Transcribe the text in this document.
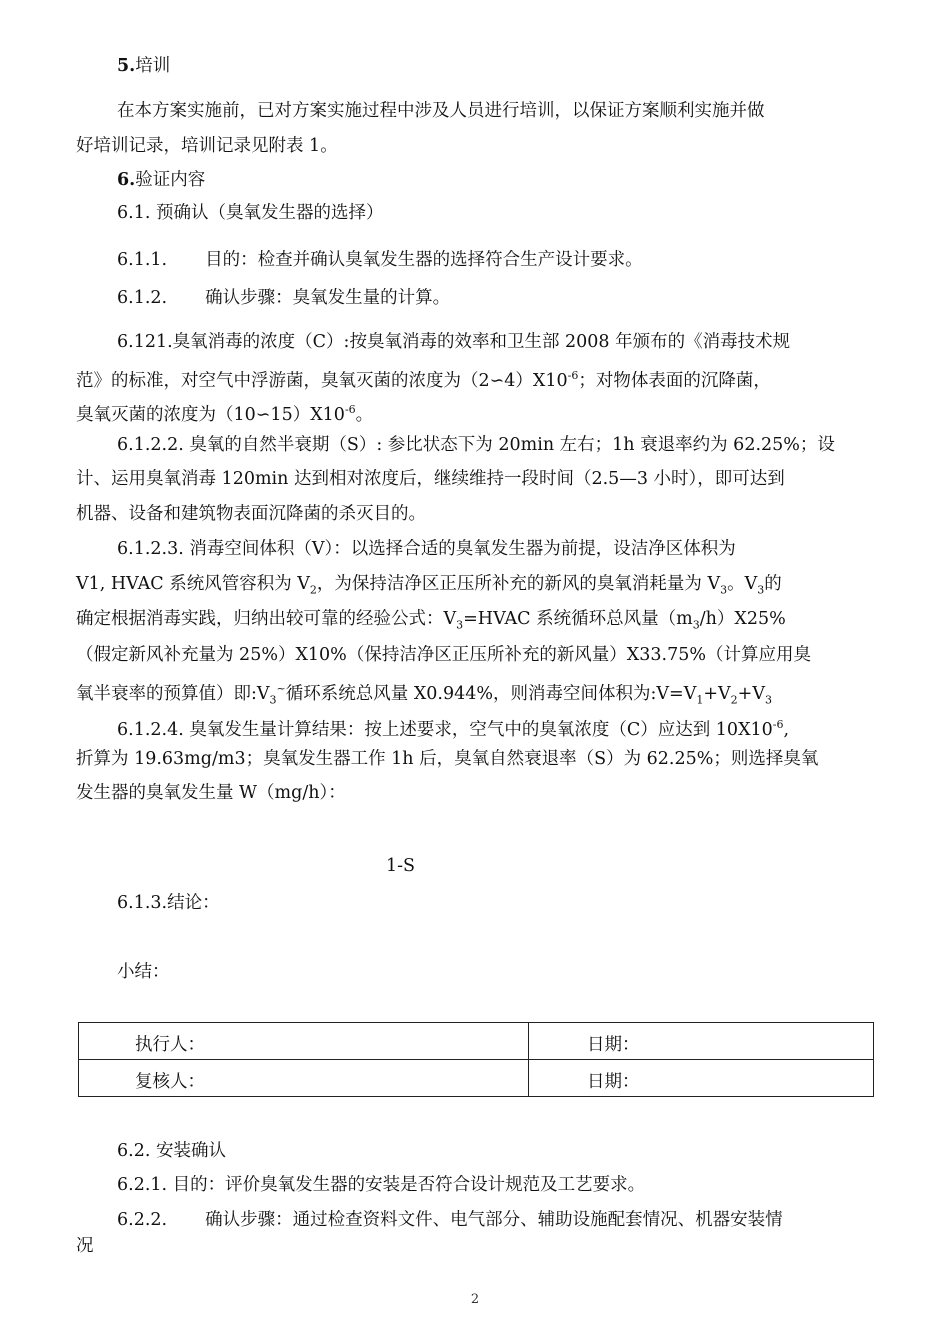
5.培训
在本方案实施前，已对方案实施过程中涉及人员进行培训，以保证方案顺利实施并做
好培训记录，培训记录见附表 1。
6.验证内容
6.1. 预确认（臭氧发生器的选择）
6.1.1. 目的：检查并确认臭氧发生器的选择符合生产设计要求。
6.1.2. 确认步骤：臭氧发生量的计算。
6.121.臭氧消毒的浓度（C）:按臭氧消毒的效率和卫生部 2008 年颁布的《消毒技术规
范》的标准，对空气中浮游菌，臭氧灭菌的浓度为$(2∽4)X10^{-6}$；对物体表面的沉降菌，
臭氧灭菌的浓度为$(10∽15)X10^{-6}$。
6.1.2.2. 臭氧的自然半衰期（S）: 参比状态下为 20min 左右；1h 衰退率约为 62.25%；设
计、运用臭氧消毒 120min 达到相对浓度后，继续维持一段时间（2.5—3 小时），即可达到
机器、设备和建筑物表面沉降菌的杀灭目的。
6.1.2.3. 消毒空间体积（V）：以选择合适的臭氧发生器为前提，设洁净区体积为
V1, HVAC 系统风管容积为 $V_2$，为保持洁净区正压所补充的新风的臭氧消耗量为 $V_3$。$V_3$的
确定根据消毒实践，归纳出较可靠的经验公式：$V_3=HVAC$ 系统循环总风量$(m_3/h)X25\%$
（假定新风补充量为 25%）X10%（保持洁净区正压所补充的新风量）X33.75%（计算应用臭
氧半衰率的预算值）即$:V_3^\sim$循环系统总风量 X0.944%，则消毒空间体积为$:V=V_1+V_2+V_3$
6.1.2.4. 臭氧发生量计算结果：按上述要求，空气中的臭氧浓度（C）应达到 $10X10^{-6}$,
折算为 19.63mg/m3；臭氧发生器工作 1h 后，臭氧自然衰退率（S）为 62.25%；则选择臭氧
发生器的臭氧发生量 W（mg/h）：
1-S
6.1.3.结论：
小结：
执行人：	日期：
复核人：	日期：
6.2. 安装确认
6.2.1. 目的：评价臭氧发生器的安装是否符合设计规范及工艺要求。
6.2.2. 确认步骤：通过检查资料文件、电气部分、辅助设施配套情况、机器安装情
况
2
